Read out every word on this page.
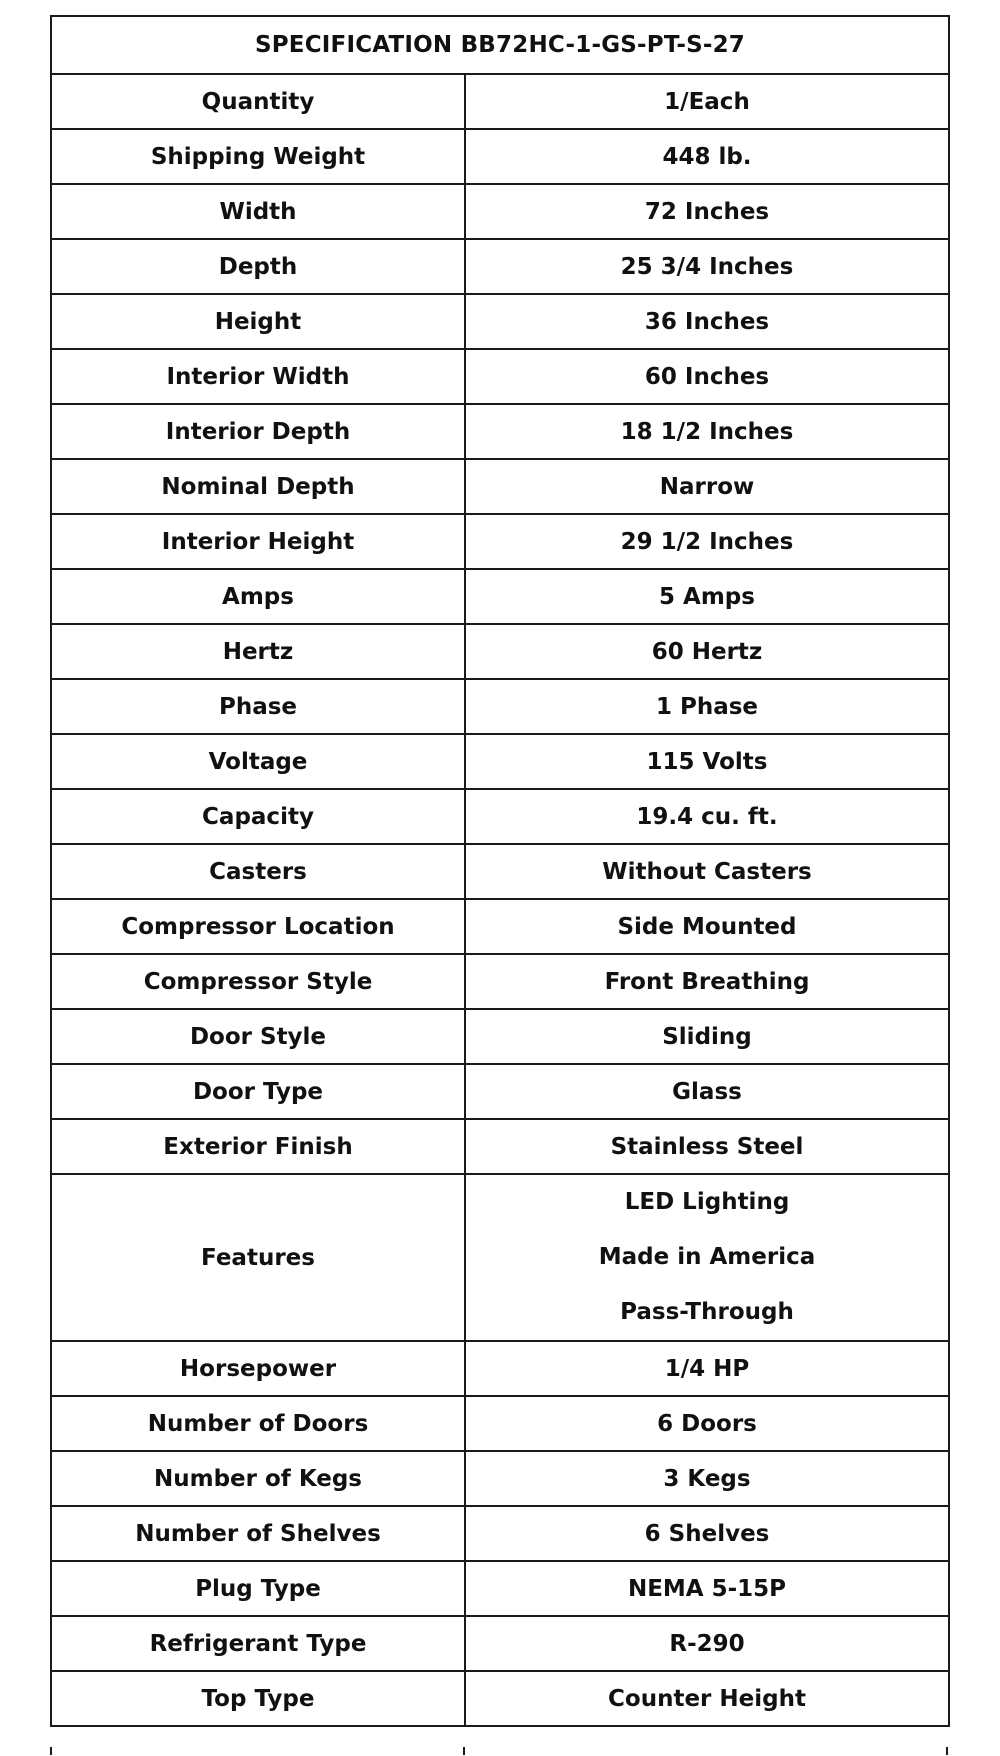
SPECIFICATION BB72HC-1-GS-PT-S-27	
Quantity	1/Each
Shipping Weight	448 lb.
Width	72 Inches
Depth	25 3/4 Inches
Height	36 Inches
Interior Width	60 Inches
Interior Depth	18 1/2 Inches
Nominal Depth	Narrow
Interior Height	29 1/2 Inches
Amps	5 Amps
Hertz	60 Hertz
Phase	1 Phase
Voltage	115 Volts
Capacity	19.4 cu. ft.
Casters	Without Casters
Compressor Location	Side Mounted
Compressor Style	Front Breathing
Door Style	Sliding
Door Type	Glass
Exterior Finish	Stainless Steel
Features	LED Lighting
Made in America
Pass-Through

Horsepower	1/4 HP
Number of Doors	6 Doors
Number of Kegs	3 Kegs
Number of Shelves	6 Shelves
Plug Type	NEMA 5-15P
Refrigerant Type	R-290
Top Type	Counter Height
